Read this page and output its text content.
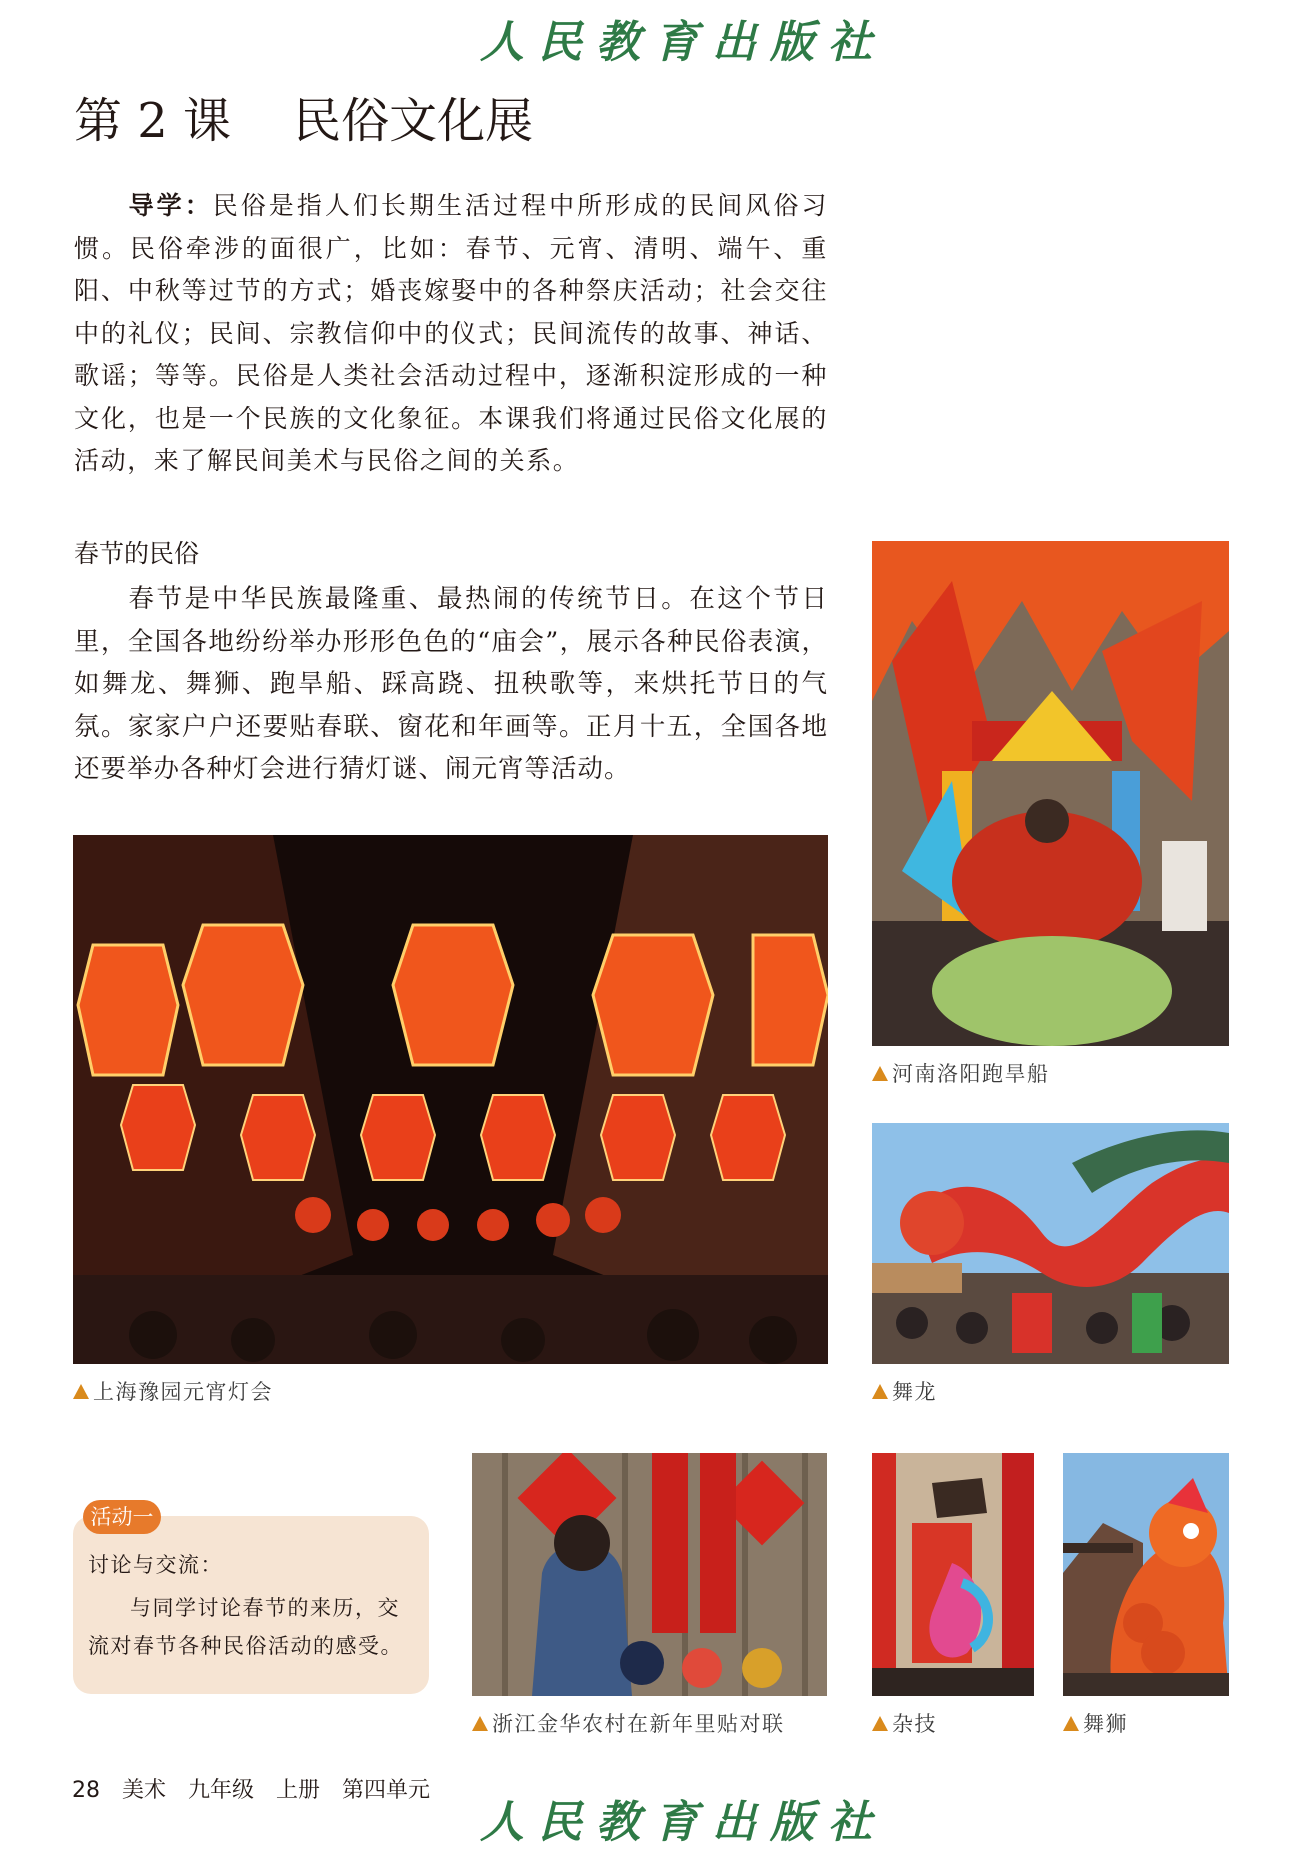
人民教育出版社
第 2 课 民俗文化展
  导学：民俗是指人们长期生活过程中所形成的民间风俗习惯。民俗牵涉的面很广，比如：春节、元宵、清明、端午、重阳、中秋等过节的方式；婚丧嫁娶中的各种祭庆活动；社会交往中的礼仪；民间、宗教信仰中的仪式；民间流传的故事、神话、歌谣；等等。民俗是人类社会活动过程中，逐渐积淀形成的一种文化，也是一个民族的文化象征。本课我们将通过民俗文化展的活动，来了解民间美术与民俗之间的关系。
春节的民俗
  春节是中华民族最隆重、最热闹的传统节日。在这个节日里，全国各地纷纷举办形形色色的“庙会”，展示各种民俗表演，如舞龙、舞狮、跑旱船、踩高跷、扭秧歌等，来烘托节日的气氛。家家户户还要贴春联、窗花和年画等。正月十五，全国各地还要举办各种灯会进行猜灯谜、闹元宵等活动。
河南洛阳跑旱船
上海豫园元宵灯会	舞龙
活动一
讨论与交流：
与同学讨论春节的来历，交流对春节各种民俗活动的感受。
浙江金华农村在新年里贴对联	杂技	舞狮
28 美术 九年级 上册 第四单元
人民教育出版社
